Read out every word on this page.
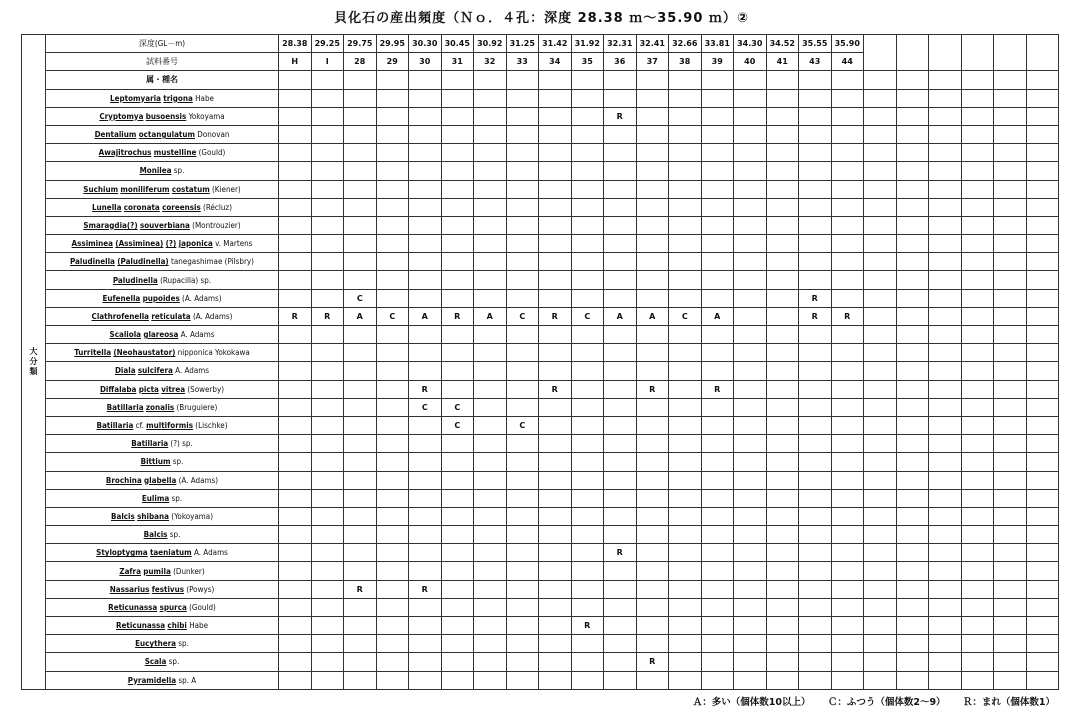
貝化石の産出頻度（Ｎｏ．４孔：深度 28.38 ｍ～35.90 ｍ）②
大
分
類	深度(GL－m)	28.38	29.25	29.75	29.95	30.30	30.45	30.92	31.25	31.42	31.92	32.31	32.41	32.66	33.81	34.30	34.52	35.55	35.90						
	試料番号	H	I	28	29	30	31	32	33	34	35	36	37	38	39	40	41	43	44						
	属・種名																								
	Leptomyaria trigona Habe																								
	Cryptomya busoensis Yokoyama											R													
	Dentalium octangulatum Donovan																								
	Awajitrochus mustelline (Gould)																								
	Monilea sp.																								
	Suchium moniliferum costatum (Kiener)																								
	Lunella coronata coreensis (Récluz)																								
	Smaragdia(?) souverbiana (Montrouzier)																								
	Assiminea (Assiminea) (?) japonica v. Martens																								
	Paludinella (Paludinella) tanegashimae (Pilsbry)																								
	Paludinella (Rupacilla) sp.																								
	Eufenella pupoides (A. Adams)			C														R							
	Clathrofenella reticulata (A. Adams)	R	R	A	C	A	R	A	C	R	C	A	A	C	A			R	R						
	Scaliola glareosa A. Adams																								
	Turritella (Neohaustator) nipponica Yokokawa																								
	Diala sulcifera A. Adams																								
	Diffalaba picta vitrea (Sowerby)					R				R			R		R										
	Batillaria zonalis (Bruguiere)					C	C																		
	Batillaria cf. multiformis (Lischke)						C		C																
	Batillaria (?) sp.																								
	Bittium sp.																								
	Brochina glabella (A. Adams)																								
	Eulima sp.																								
	Balcis shibana (Yokoyama)																								
	Balcis sp.																								
	Styloptygma taeniatum A. Adams											R													
	Zafra pumila (Dunker)																								
	Nassarius festivus (Powys)			R		R																			
	Reticunassa spurca (Gould)																								
	Reticunassa chibi Habe										R														
	Eucythera sp.																								
	Scala sp.												R												
	Pyramidella sp. A																								
Ａ：多い（個体数10以上） Ｃ：ふつう（個体数2～9） Ｒ：まれ（個体数1）
